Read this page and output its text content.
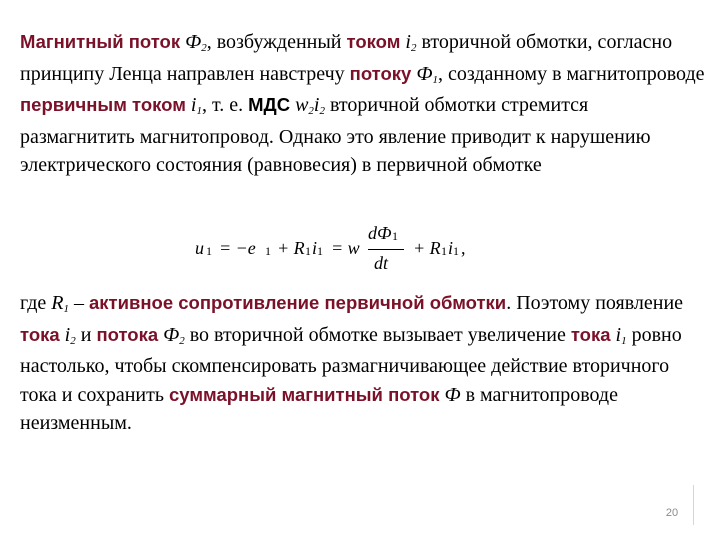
Магнитный поток Ф2, возбужденный током i2 вторичной обмотки, согласно принципу Ленца направлен навстречу потоку Ф1, созданному в магнитопроводе первичным током i1, т. е. МДС w2i2 вторичной обмотки стремится размагнитить магнитопровод. Однако это явление приводит к нарушению электрического состояния (равновесия) в первичной обмотке
u 1 = −e 1 + R 1 i 1 = w
dФ 1
dt
+ R 1 i 1 ,
где R1 – активное сопротивление первичной обмотки. Поэтому появление тока i2 и потока Ф2 во вторичной обмотке вызывает увеличение тока i1 ровно настолько, чтобы скомпенсировать размагничивающее действие вторичного тока и сохранить суммарный магнитный поток Ф в магнитопроводе неизменным.
20
